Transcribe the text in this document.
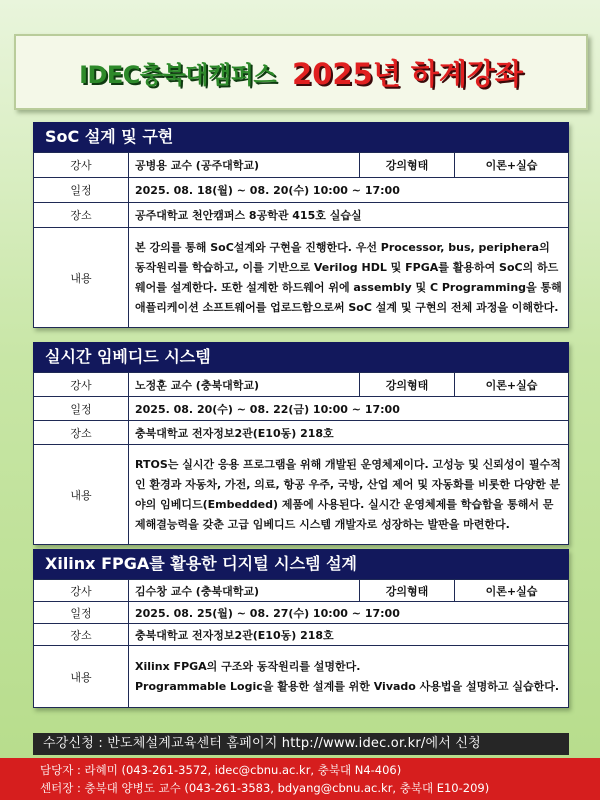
IDEC충북대캠퍼스 2025년 하계강좌
SoC 설계 및 구현
강사	공병용 교수 (공주대학교)	강의형태	이론+실습
일정	2025. 08. 18(월) ~ 08. 20(수) 10:00 ~ 17:00		
장소	공주대학교 천안캠퍼스 8공학관 415호 실습실		
내용	본 강의를 통해 SoC설계와 구현을 진행한다. 우선 Processor, bus, periphera의 동작원리를 학습하고, 이를 기반으로 Verilog HDL 및 FPGA를 활용하여 SoC의 하드웨어를 설계한다. 또한 설계한 하드웨어 위에 assembly 및 C Programming을 통해 애플리케이션 소프트웨어를 업로드함으로써 SoC 설계 및 구현의 전체 과정을 이해한다.		
실시간 임베디드 시스템
강사	노정훈 교수 (충북대학교)	강의형태	이론+실습
일정	2025. 08. 20(수) ~ 08. 22(금) 10:00 ~ 17:00		
장소	충북대학교 전자정보2관(E10동) 218호		
내용	RTOS는 실시간 응용 프로그램을 위해 개발된 운영체제이다. 고성능 및 신뢰성이 필수적인 환경과 자동차, 가전, 의료, 항공 우주, 국방, 산업 제어 및 자동화를 비롯한 다양한 분야의 임베디드(Embedded) 제품에 사용된다. 실시간 운영체제를 학습함을 통해서 문제해결능력을 갖춘 고급 임베디드 시스템 개발자로 성장하는 발판을 마련한다.		
Xilinx FPGA를 활용한 디지털 시스템 설계
강사	김수창 교수 (충북대학교)	강의형태	이론+실습
일정	2025. 08. 25(월) ~ 08. 27(수) 10:00 ~ 17:00		
장소	충북대학교 전자정보2관(E10동) 218호		
내용	Xilinx FPGA의 구조와 동작원리를 설명한다.
Programmable Logic을 활용한 설계를 위한 Vivado 사용법을 설명하고 실습한다.		
수강신청 : 반도체설계교육센터 홈페이지 http://www.idec.or.kr/에서 신청
담당자 : 라혜미 (043-261-3572, idec@cbnu.ac.kr, 충북대 N4-406)
센터장 : 충북대 양병도 교수 (043-261-3583, bdyang@cbnu.ac.kr, 충북대 E10-209)
